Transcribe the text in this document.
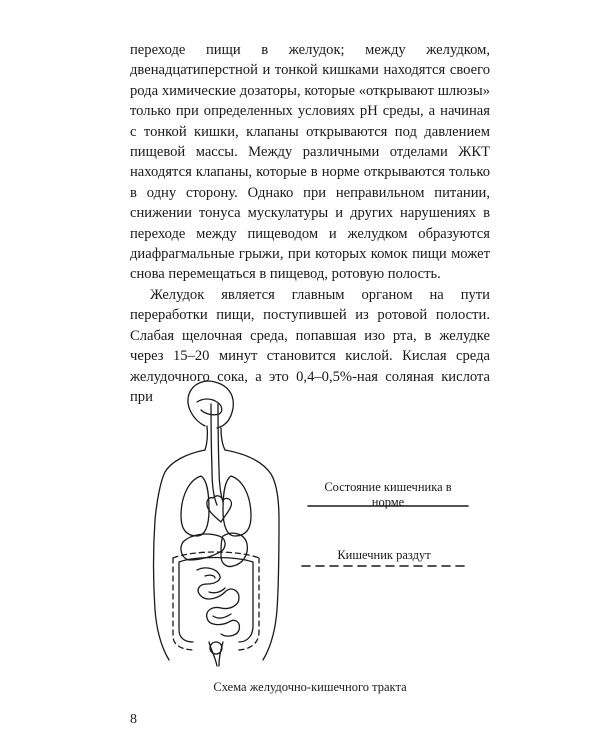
переходе пищи в желудок; между желудком, двенадцатиперстной и тонкой кишками находятся своего рода химические дозаторы, которые «открывают шлюзы» только при определенных условиях pH среды, а начиная с тонкой кишки, клапаны открываются под давлением пищевой массы. Между различными отделами ЖКТ находятся клапаны, которые в норме открываются только в одну сторону. Однако при неправильном питании, снижении тонуса мускулатуры и других нарушениях в переходе между пищеводом и желудком образуются диафрагмальные грыжи, при которых комок пищи может снова перемещаться в пищевод, ротовую полость.

Желудок является главным органом на пути переработки пищи, поступившей из ротовой полости. Слабая щелочная среда, попавшая изо рта, в желудке через 15–20 минут становится кислой. Кислая среда желудочного сока, а это 0,4–0,5%-ная соляная кислота при

Состояние кишечника в норме
Кишечник раздут
Схема желудочно-кишечного тракта
8
